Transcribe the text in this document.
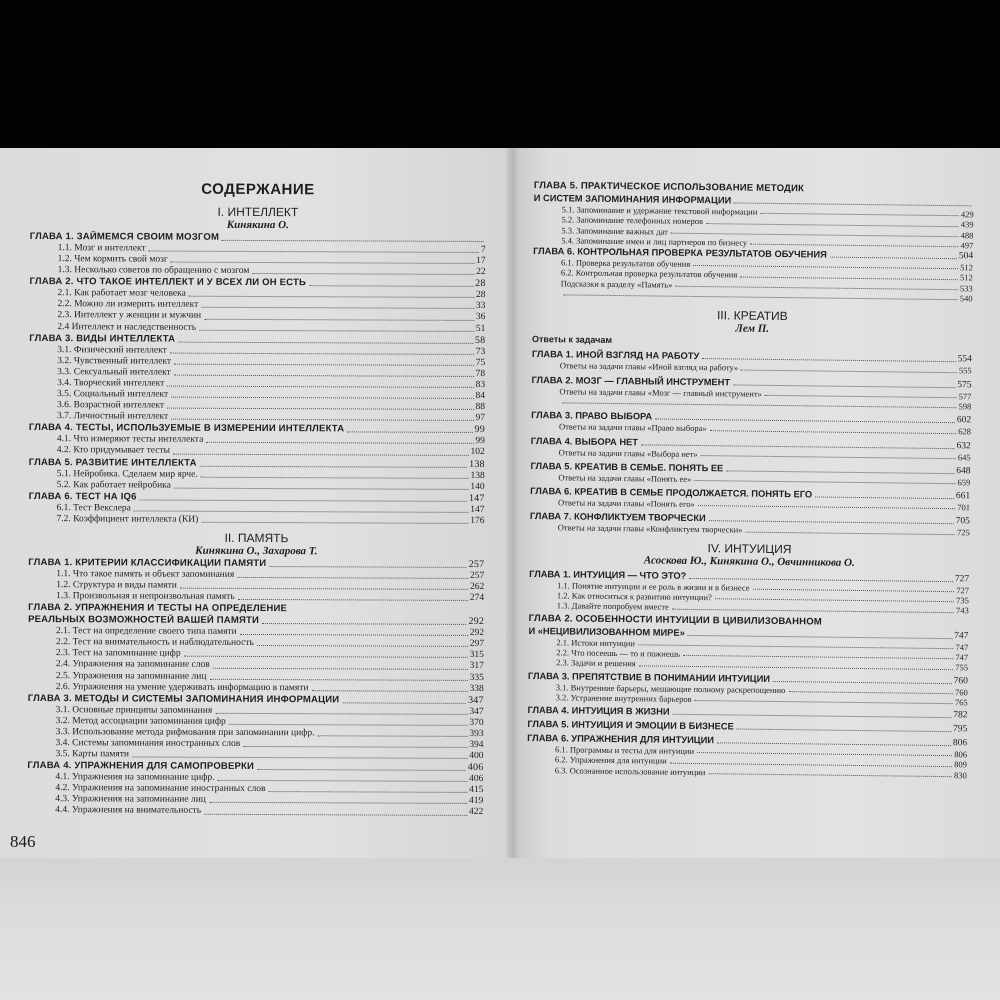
СОДЕРЖАНИЕ
I. ИНТЕЛЛЕКТ
Кинякина О.
ГЛАВА 1. ЗАЙМЕМСЯ СВОИМ МОЗГОМ
1.1. Мозг и интеллект	7
1.2. Чем кормить свой мозг	17
1.3. Несколько советов по обращению с мозгом	22
ГЛАВА 2. ЧТО ТАКОЕ ИНТЕЛЛЕКТ И У ВСЕХ ЛИ ОН ЕСТЬ	28
2.1. Как работает мозг человека	28
2.2. Можно ли измерить интеллект	33
2.3. Интеллект у женщин и мужчин	36
2.4 Интеллект и наследственность	51
ГЛАВА 3. ВИДЫ ИНТЕЛЛЕКТА	58
3.1. Физический интеллект	73
3.2. Чувственный интеллект	75
3.3. Сексуальный интеллект	78
3.4. Творческий интеллект	83
3.5. Социальный интеллект	84
3.6. Возрастной интеллект	88
3.7. Личностный интеллект	97
ГЛАВА 4. ТЕСТЫ, ИСПОЛЬЗУЕМЫЕ В ИЗМЕРЕНИИ ИНТЕЛЛЕКТА	99
4.1. Что измеряют тесты интеллекта	99
4.2. Кто придумывает тесты	102
ГЛАВА 5. РАЗВИТИЕ ИНТЕЛЛЕКТА	138
5.1. Нейробика. Сделаем мир ярче.	138
5.2. Как работает нейробика	140
ГЛАВА 6. ТЕСТ НА IQ6	147
6.1. Тест Векслера	147
7.2. Коэффициент интеллекта (КИ)	176
II. ПАМЯТЬ
Кинякина О., Захарова Т.
ГЛАВА 1. КРИТЕРИИ КЛАССИФИКАЦИИ ПАМЯТИ	257
1.1. Что такое память и объект запоминания	257
1.2. Структура и виды памяти	262
1.3. Произвольная и непроизвольная память	274
ГЛАВА 2. УПРАЖНЕНИЯ И ТЕСТЫ НА ОПРЕДЕЛЕНИЕ
РЕАЛЬНЫХ ВОЗМОЖНОСТЕЙ ВАШЕЙ ПАМЯТИ	292
2.1. Тест на определение своего типа памяти	292
2.2. Тест на внимательность и наблюдательность	297
2.3. Тест на запоминание цифр	315
2.4. Упражнения на запоминание слов	317
2.5. Упражнения на запоминание лиц	335
2.6. Упражнения на умение удерживать информацию в памяти	338
ГЛАВА 3. МЕТОДЫ И СИСТЕМЫ ЗАПОМИНАНИЯ ИНФОРМАЦИИ	347
3.1. Основные принципы запоминания	347
3.2. Метод ассоциации запоминания цифр	370
3.3. Использование метода рифмования при запоминании цифр.	393
3.4. Системы запоминания иностранных слов	394
3.5. Карты памяти	400
ГЛАВА 4. УПРАЖНЕНИЯ ДЛЯ САМОПРОВЕРКИ	406
4.1. Упражнения на запоминание цифр.	406
4.2. Упражнения на запоминание иностранных слов	415
4.3. Упражнения на запоминание лиц	419
4.4. Упражнения на внимательность	422
ГЛАВА 5. ПРАКТИЧЕСКОЕ ИСПОЛЬЗОВАНИЕ МЕТОДИК
И СИСТЕМ ЗАПОМИНАНИЯ ИНФОРМАЦИИ
5.1. Запоминание и удержание текстовой информации	429
5.2. Запоминание телефонных номеров	439
5.3. Запоминание важных дат	488
5.4. Запоминание имен и лиц партнеров по бизнесу	497
ГЛАВА 6. КОНТРОЛЬНАЯ ПРОВЕРКА РЕЗУЛЬТАТОВ ОБУЧЕНИЯ	504
6.1. Проверка результатов обучения	512
6.2. Контрольная проверка результатов обучения	512
Подсказки к разделу «Память»	533
540
III. КРЕАТИВ
Лем П.
Ответы к задачам
ГЛАВА 1. ИНОЙ ВЗГЛЯД НА РАБОТУ	554
Ответы на задачи главы «Иной взгляд на работу»	555
ГЛАВА 2. МОЗГ — ГЛАВНЫЙ ИНСТРУМЕНТ	575
Ответы на задачи главы «Мозг — главный инструмент»	577
598
ГЛАВА 3. ПРАВО ВЫБОРА	602
Ответы на задачи главы «Право выбора»	628
ГЛАВА 4. ВЫБОРА НЕТ	632
Ответы на задачи главы «Выбора нет»	645
ГЛАВА 5. КРЕАТИВ В СЕМЬЕ. ПОНЯТЬ ЕЕ	648
Ответы на задачи главы «Понять ее»	659
ГЛАВА 6. КРЕАТИВ В СЕМЬЕ ПРОДОЛЖАЕТСЯ. ПОНЯТЬ ЕГО	661
Ответы на задачи главы «Понять его»	701
ГЛАВА 7. КОНФЛИКТУЕМ ТВОРЧЕСКИ	705
Ответы на задачи главы «Конфликтуем творчески»	725
IV. ИНТУИЦИЯ
Асоскова Ю., Кинякина О., Овчинникова О.
ГЛАВА 1. ИНТУИЦИЯ — ЧТО ЭТО?	727
1.1. Понятие интуиции и ее роль в жизни и в бизнесе	727
1.2. Как относиться к развитию интуиции?	735
1.3. Давайте попробуем вместе	743
ГЛАВА 2. ОСОБЕННОСТИ ИНТУИЦИИ В ЦИВИЛИЗОВАННОМ
И «НЕЦИВИЛИЗОВАННОМ МИРЕ»	747
2.1. Истоки интуиции	747
2.2. Что посеешь — то и пожнешь	747
2.3. Задачи и решения	755
ГЛАВА 3. ПРЕПЯТСТВИЕ В ПОНИМАНИИ ИНТУИЦИИ	760
3.1. Внутренние барьеры, мешающие полному раскрепощению	760
3.2. Устранение внутренних барьеров	765
ГЛАВА 4. ИНТУИЦИЯ В ЖИЗНИ	782
ГЛАВА 5. ИНТУИЦИЯ И ЭМОЦИИ В БИЗНЕСЕ	795
ГЛАВА 6. УПРАЖНЕНИЯ ДЛЯ ИНТУИЦИИ	806
6.1. Программы и тесты для интуиции	806
6.2. Упражнения для интуиции	809
6.3. Осознанное использование интуиции	830
846
